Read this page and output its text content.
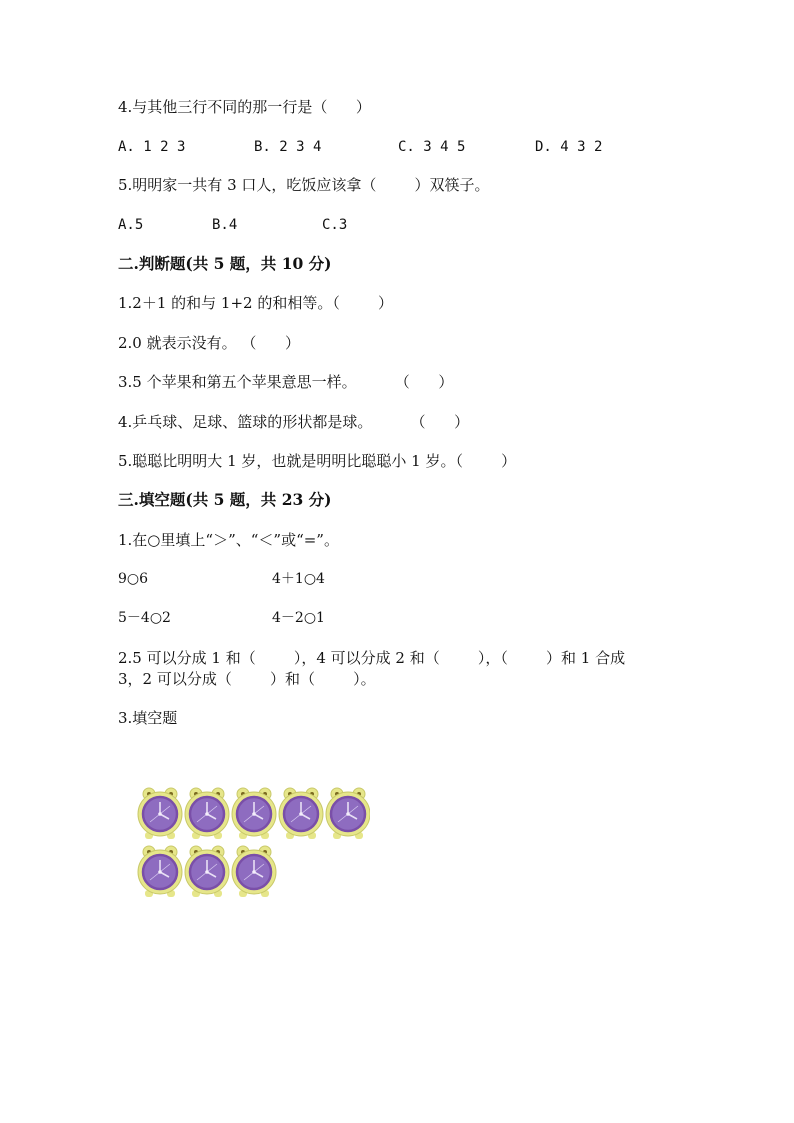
4.与其他三行不同的那一行是（      ）
A. 1 2 3	B. 2 3 4	C. 3 4 5	D. 4 3 2
5.明明家一共有 3 口人，吃饭应该拿（        ）双筷子。
A.5	B.4	C.3
二.判断题(共 5 题，共 10 分)
1.2＋1 的和与 1+2 的和相等。（        ）
2.0 就表示没有。 （      ）
3.5 个苹果和第五个苹果意思一样。        （      ）
4.乒乓球、足球、篮球的形状都是球。        （      ）
5.聪聪比明明大 1 岁，也就是明明比聪聪小 1 岁。（        ）
三.填空题(共 5 题，共 23 分)
1.在○里填上“＞”、“＜”或“=”。
9○6	4＋1○4
5－4○2	4－2○1
2.5 可以分成 1 和（        ），4 可以分成 2 和（        ），（        ）和 1 合成
3，2 可以分成（        ）和（        ）。
3.填空题
